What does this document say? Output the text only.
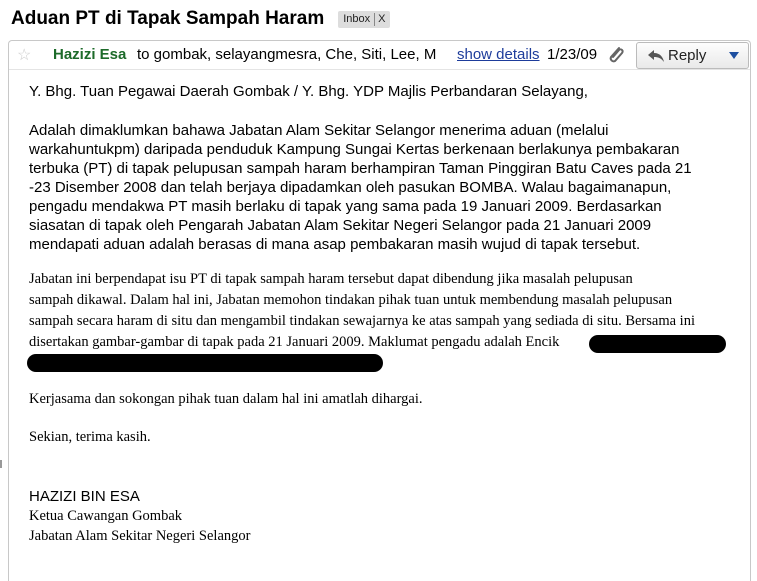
Aduan PT di Tapak Sampah Haram	Inbox X
☆ Hazizi Esa to gombak, selayangmesra, Che, Siti, Lee, M	show details 1/23/09	Reply
Y. Bhg. Tuan Pegawai Daerah Gombak / Y. Bhg. YDP Majlis Perbandaran Selayang,
Adalah dimaklumkan bahawa Jabatan Alam Sekitar Selangor menerima aduan (melalui
warkahuntukpm) daripada penduduk Kampung Sungai Kertas berkenaan berlakunya pembakaran
terbuka (PT) di tapak pelupusan sampah haram berhampiran Taman Pinggiran Batu Caves pada 21
-23 Disember 2008 dan telah berjaya dipadamkan oleh pasukan BOMBA. Walau bagaimanapun,
pengadu mendakwa PT masih berlaku di tapak yang sama pada 19 Januari 2009. Berdasarkan
siasatan di tapak oleh Pengarah Jabatan Alam Sekitar Negeri Selangor pada 21 Januari 2009
mendapati aduan adalah berasas di mana asap pembakaran masih wujud di tapak tersebut.
Jabatan ini berpendapat isu PT di tapak sampah haram tersebut dapat dibendung jika masalah pelupusan
sampah dikawal. Dalam hal ini, Jabatan memohon tindakan pihak tuan untuk membendung masalah pelupusan
sampah secara haram di situ dan mengambil tindakan sewajarnya ke atas sampah yang sediada di situ. Bersama ini
disertakan gambar-gambar di tapak pada 21 Januari 2009. Maklumat pengadu adalah Encik
Kerjasama dan sokongan pihak tuan dalam hal ini amatlah dihargai.
Sekian, terima kasih.
HAZIZI BIN ESA
Ketua Cawangan Gombak
Jabatan Alam Sekitar Negeri Selangor
